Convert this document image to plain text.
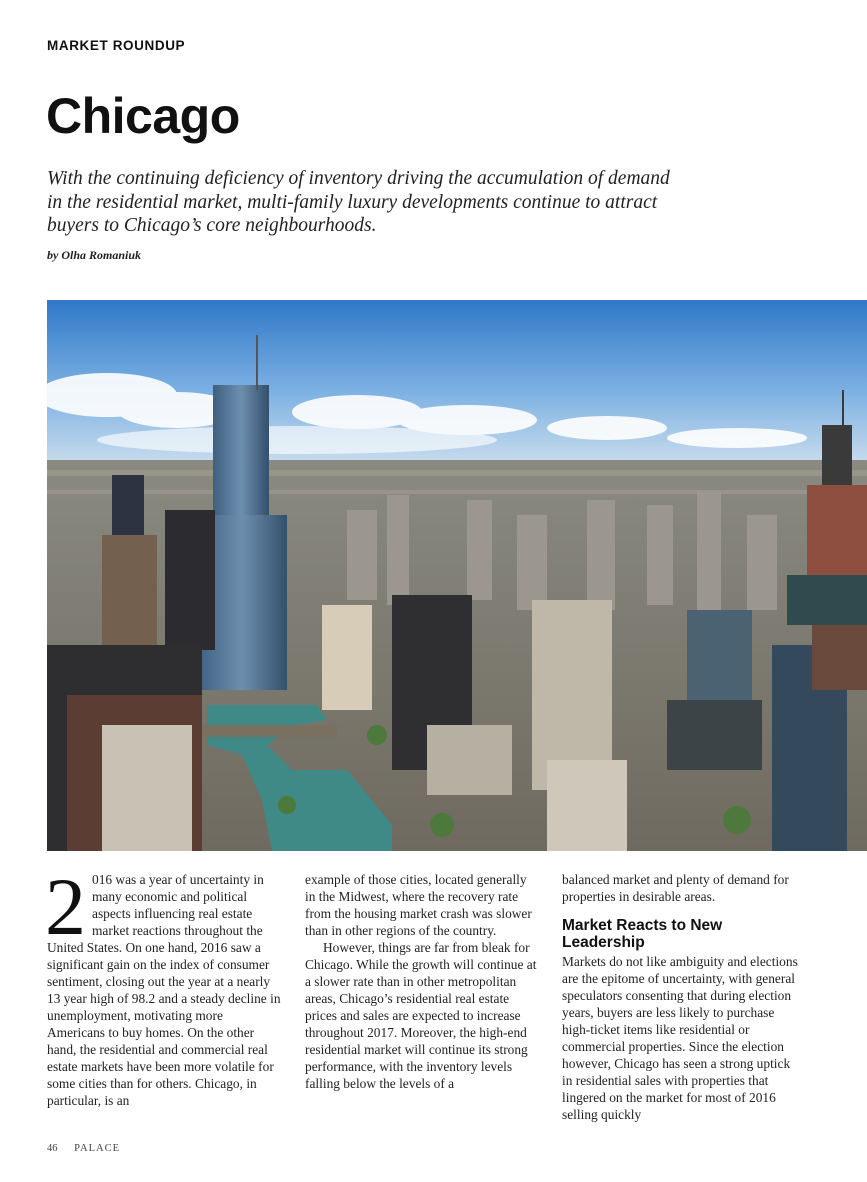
MARKET ROUNDUP
Chicago

With the continuing deficiency of inventory driving the accumulation of demand in the residential market, multi-family luxury developments continue to attract buyers to Chicago’s core neighbourhoods.

by Olha Romaniuk
2 016 was a year of uncertainty in many economic and political aspects influencing real estate market reactions throughout the United States. On one hand, 2016 saw a significant gain on the index of consumer sentiment, closing out the year at a nearly 13 year high of 98.2 and a steady decline in unemployment, motivating more Americans to buy homes. On the other hand, the residential and commercial real estate markets have been more volatile for some cities than for others. Chicago, in particular, is an

example of those cities, located generally in the Midwest, where the recovery rate from the housing market crash was slower than in other regions of the country.

However, things are far from bleak for Chicago. While the growth will continue at a slower rate than in other metropolitan areas, Chicago’s residential real estate prices and sales are expected to increase throughout 2017. Moreover, the high-end residential market will continue its strong performance, with the inventory levels falling below the levels of a

balanced market and plenty of demand for properties in desirable areas.

Market Reacts to New Leadership

Markets do not like ambiguity and elections are the epitome of uncertainty, with general speculators consenting that during election years, buyers are less likely to purchase high-ticket items like residential or commercial properties. Since the election however, Chicago has seen a strong uptick in residential sales with properties that lingered on the market for most of 2016 selling quickly

46 PALACE
